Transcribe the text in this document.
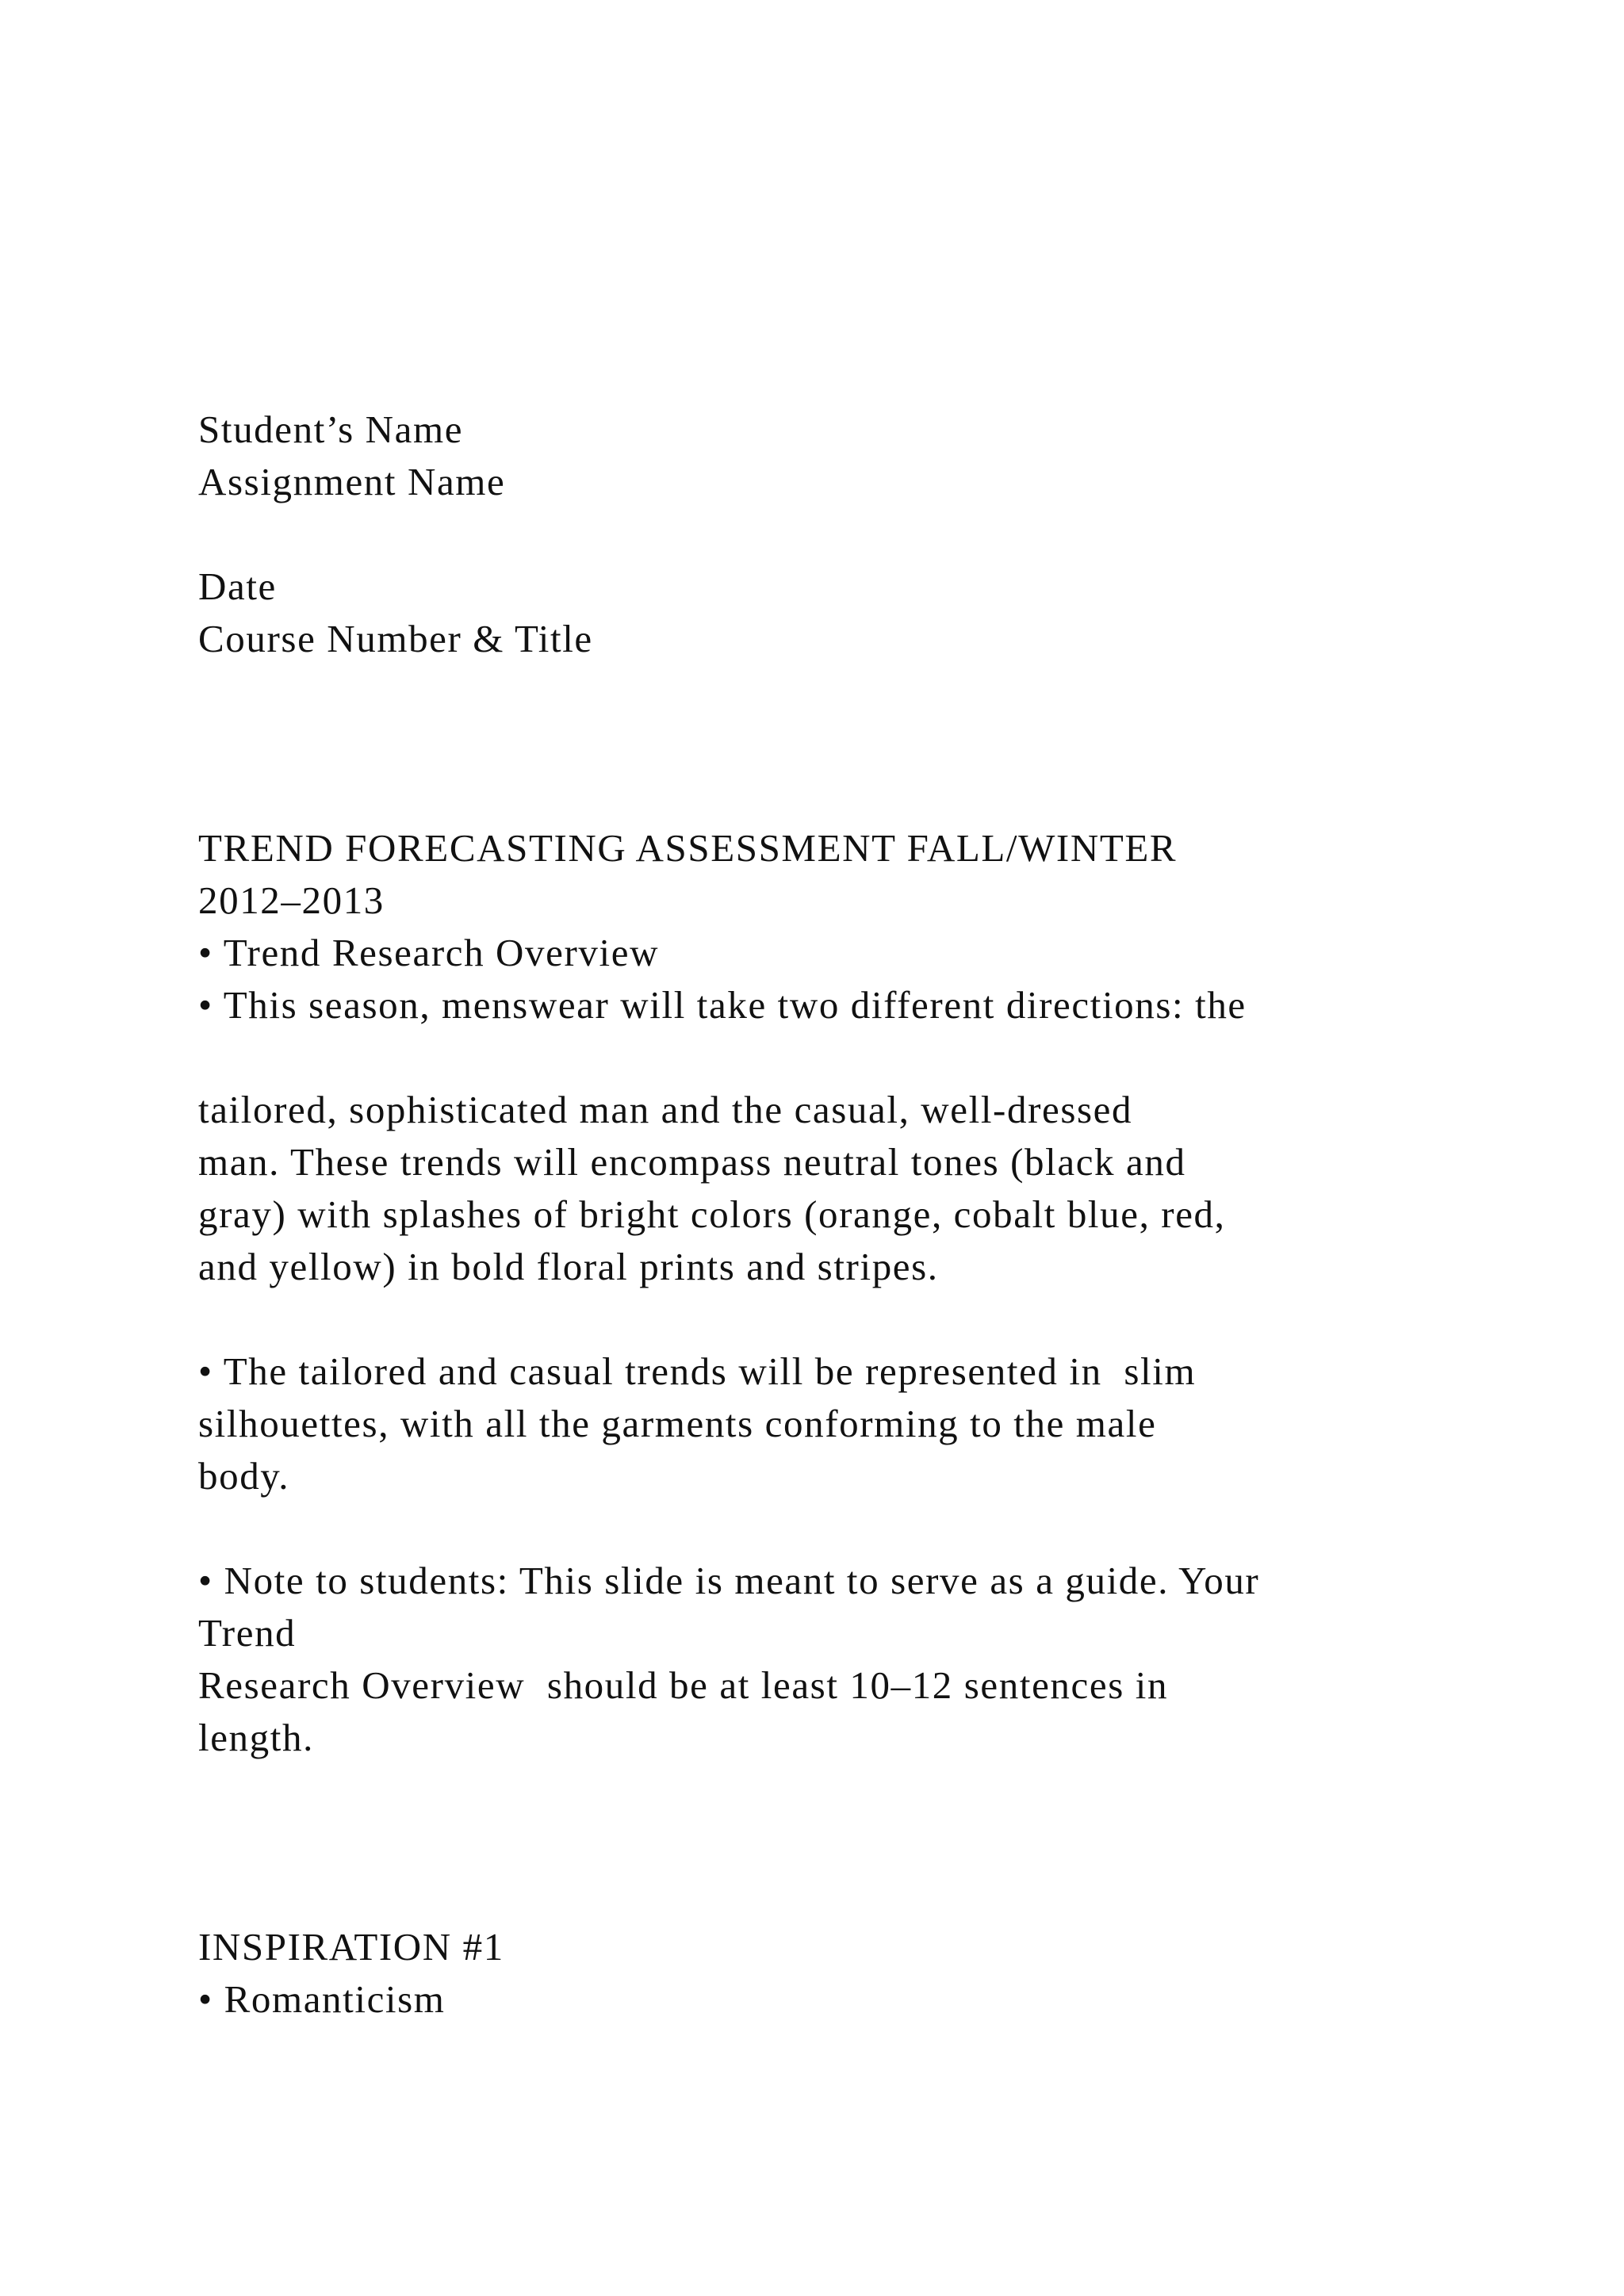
Student’s Name
Assignment Name
Date
Course Number & Title
TREND FORECASTING ASSESSMENT FALL/WINTER
2012–2013
• Trend Research Overview
• This season, menswear will take two different directions: the
tailored, sophisticated man and the casual, well-dressed
man. These trends will encompass neutral tones (black and
gray) with splashes of bright colors (orange, cobalt blue, red,
and yellow) in bold floral prints and stripes.
• The tailored and casual trends will be represented in  slim
silhouettes, with all the garments conforming to the male
body.
• Note to students: This slide is meant to serve as a guide. Your
Trend
Research Overview  should be at least 10–12 sentences in
length.
INSPIRATION #1
• Romanticism
